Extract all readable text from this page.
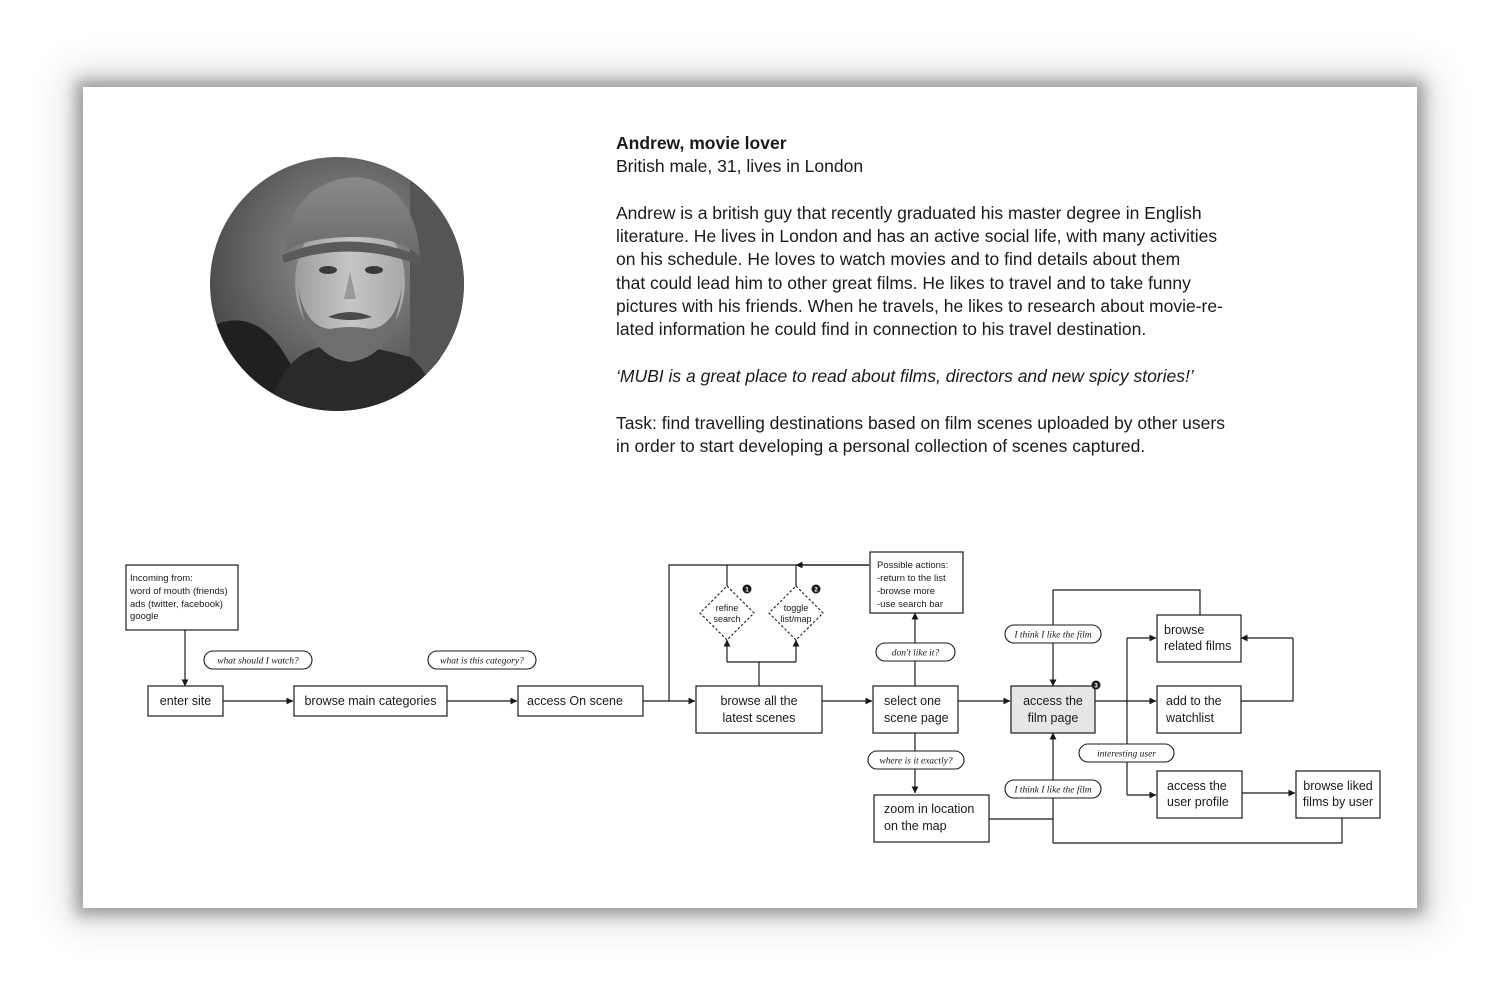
Andrew, movie lover

British male, 31, lives in London

Andrew is a british guy that recently graduated his master degree in English

literature. He lives in London and has an active social life, with many activities

on his schedule. He loves to watch movies and to find details about them

that could lead him to other great films. He likes to travel and to take funny

pictures with his friends. When he travels, he likes to research about movie-re-

lated information he could find in connection to his travel destination.

‘MUBI is a great place to read about films, directors and new spicy stories!’

Task: find travelling destinations based on film scenes uploaded by other users

in order to start developing a personal collection of scenes captured.

Incoming from:
word of mouth (friends)
ads (twitter, facebook)
google
enter site	browse main categories	access On scene	browse all the
latest scenes
select one
scene page
access the
film page
browse
related films
add to the
watchlist
access the
user profile
browse liked
films by user
zoom in location
on the map
Possible actions:
-return to the list
-browse more
-use search bar
refine
search
toggle
list/map
1	2
3
what should I watch?	what is this category?
don't like it?
where is it exactly?
I think I like the film
I think I like the film
interesting user
